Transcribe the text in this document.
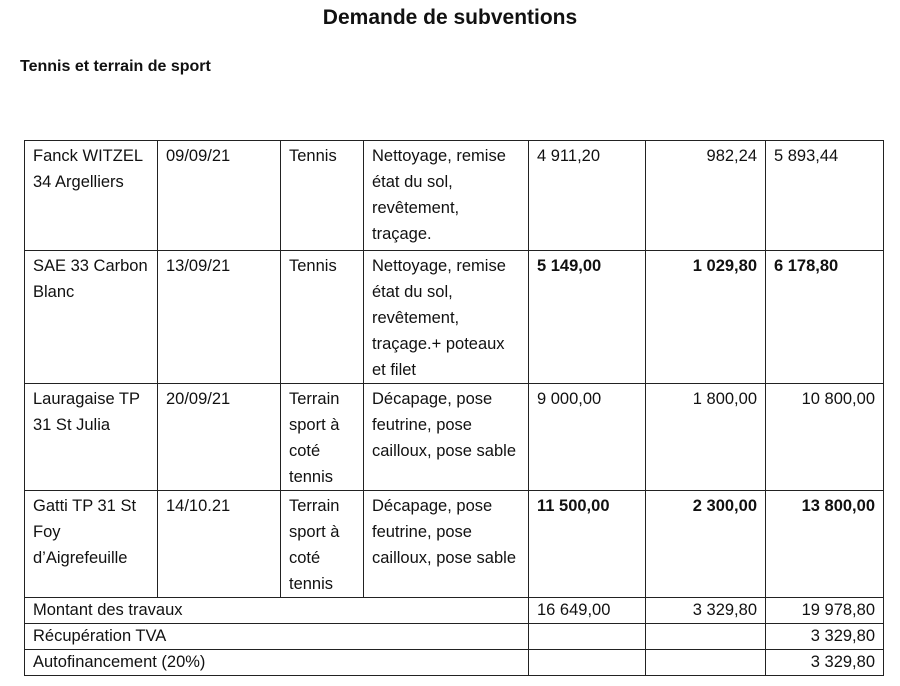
Demande de subventions
Tennis et terrain de sport
Fanck WITZEL 34 Argelliers	09/09/21	Tennis	Nettoyage, remise état du sol, revêtement, traçage.	4 911,20	982,24	5 893,44
SAE 33 Carbon Blanc	13/09/21	Tennis	Nettoyage, remise état du sol, revêtement, traçage.+ poteaux et filet	5 149,00	1 029,80	6 178,80
Lauragaise TP 31 St Julia	20/09/21	Terrain sport à coté tennis	Décapage, pose feutrine, pose cailloux, pose sable	9 000,00	1 800,00	10 800,00
Gatti TP 31 St Foy d’Aigrefeuille	14/10.21	Terrain sport à coté tennis	Décapage, pose feutrine, pose cailloux, pose sable	11 500,00	2 300,00	13 800,00
Montant des travaux				16 649,00	3 329,80	19 978,80
Récupération TVA						3 329,80
Autofinancement (20%)						3 329,80
